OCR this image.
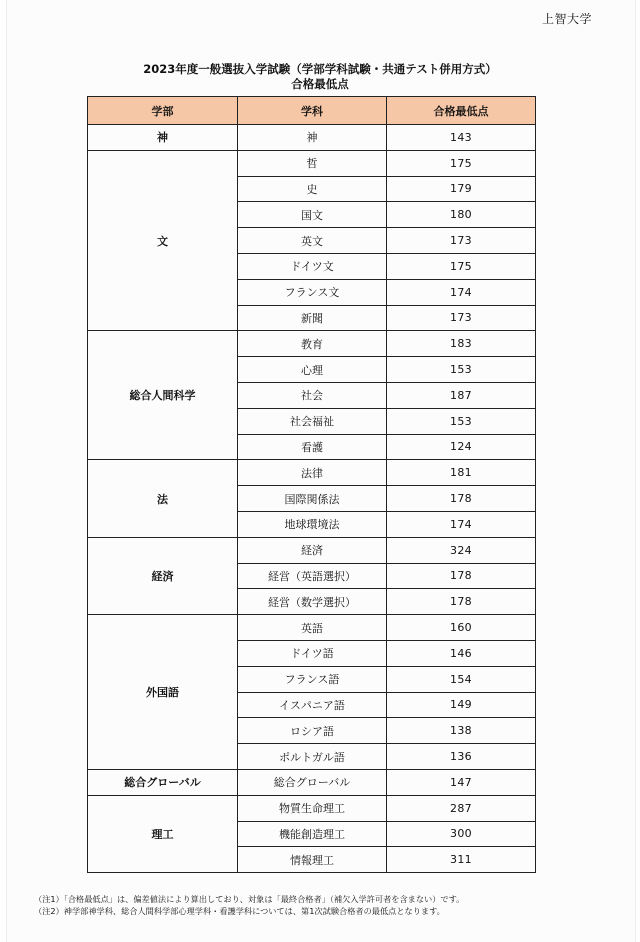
上智大学
2023年度一般選抜入学試験（学部学科試験・共通テスト併用方式）
合格最低点
学部	学科	合格最低点
神	神	143
文	哲	175
	史	179
	国文	180
	英文	173
	ドイツ文	175
	フランス文	174
	新聞	173
総合人間科学	教育	183
	心理	153
	社会	187
	社会福祉	153
	看護	124
法	法律	181
	国際関係法	178
	地球環境法	174
経済	経済	324
	経営（英語選択）	178
	経営（数学選択）	178
外国語	英語	160
	ドイツ語	146
	フランス語	154
	イスパニア語	149
	ロシア語	138
	ポルトガル語	136
総合グローバル	総合グローバル	147
理工	物質生命理工	287
	機能創造理工	300
	情報理工	311
（注1）「合格最低点」は、偏差値法により算出しており、対象は「最終合格者」（補欠入学許可者を含まない）です。
（注2）神学部神学科、総合人間科学部心理学科・看護学科については、第1次試験合格者の最低点となります。
